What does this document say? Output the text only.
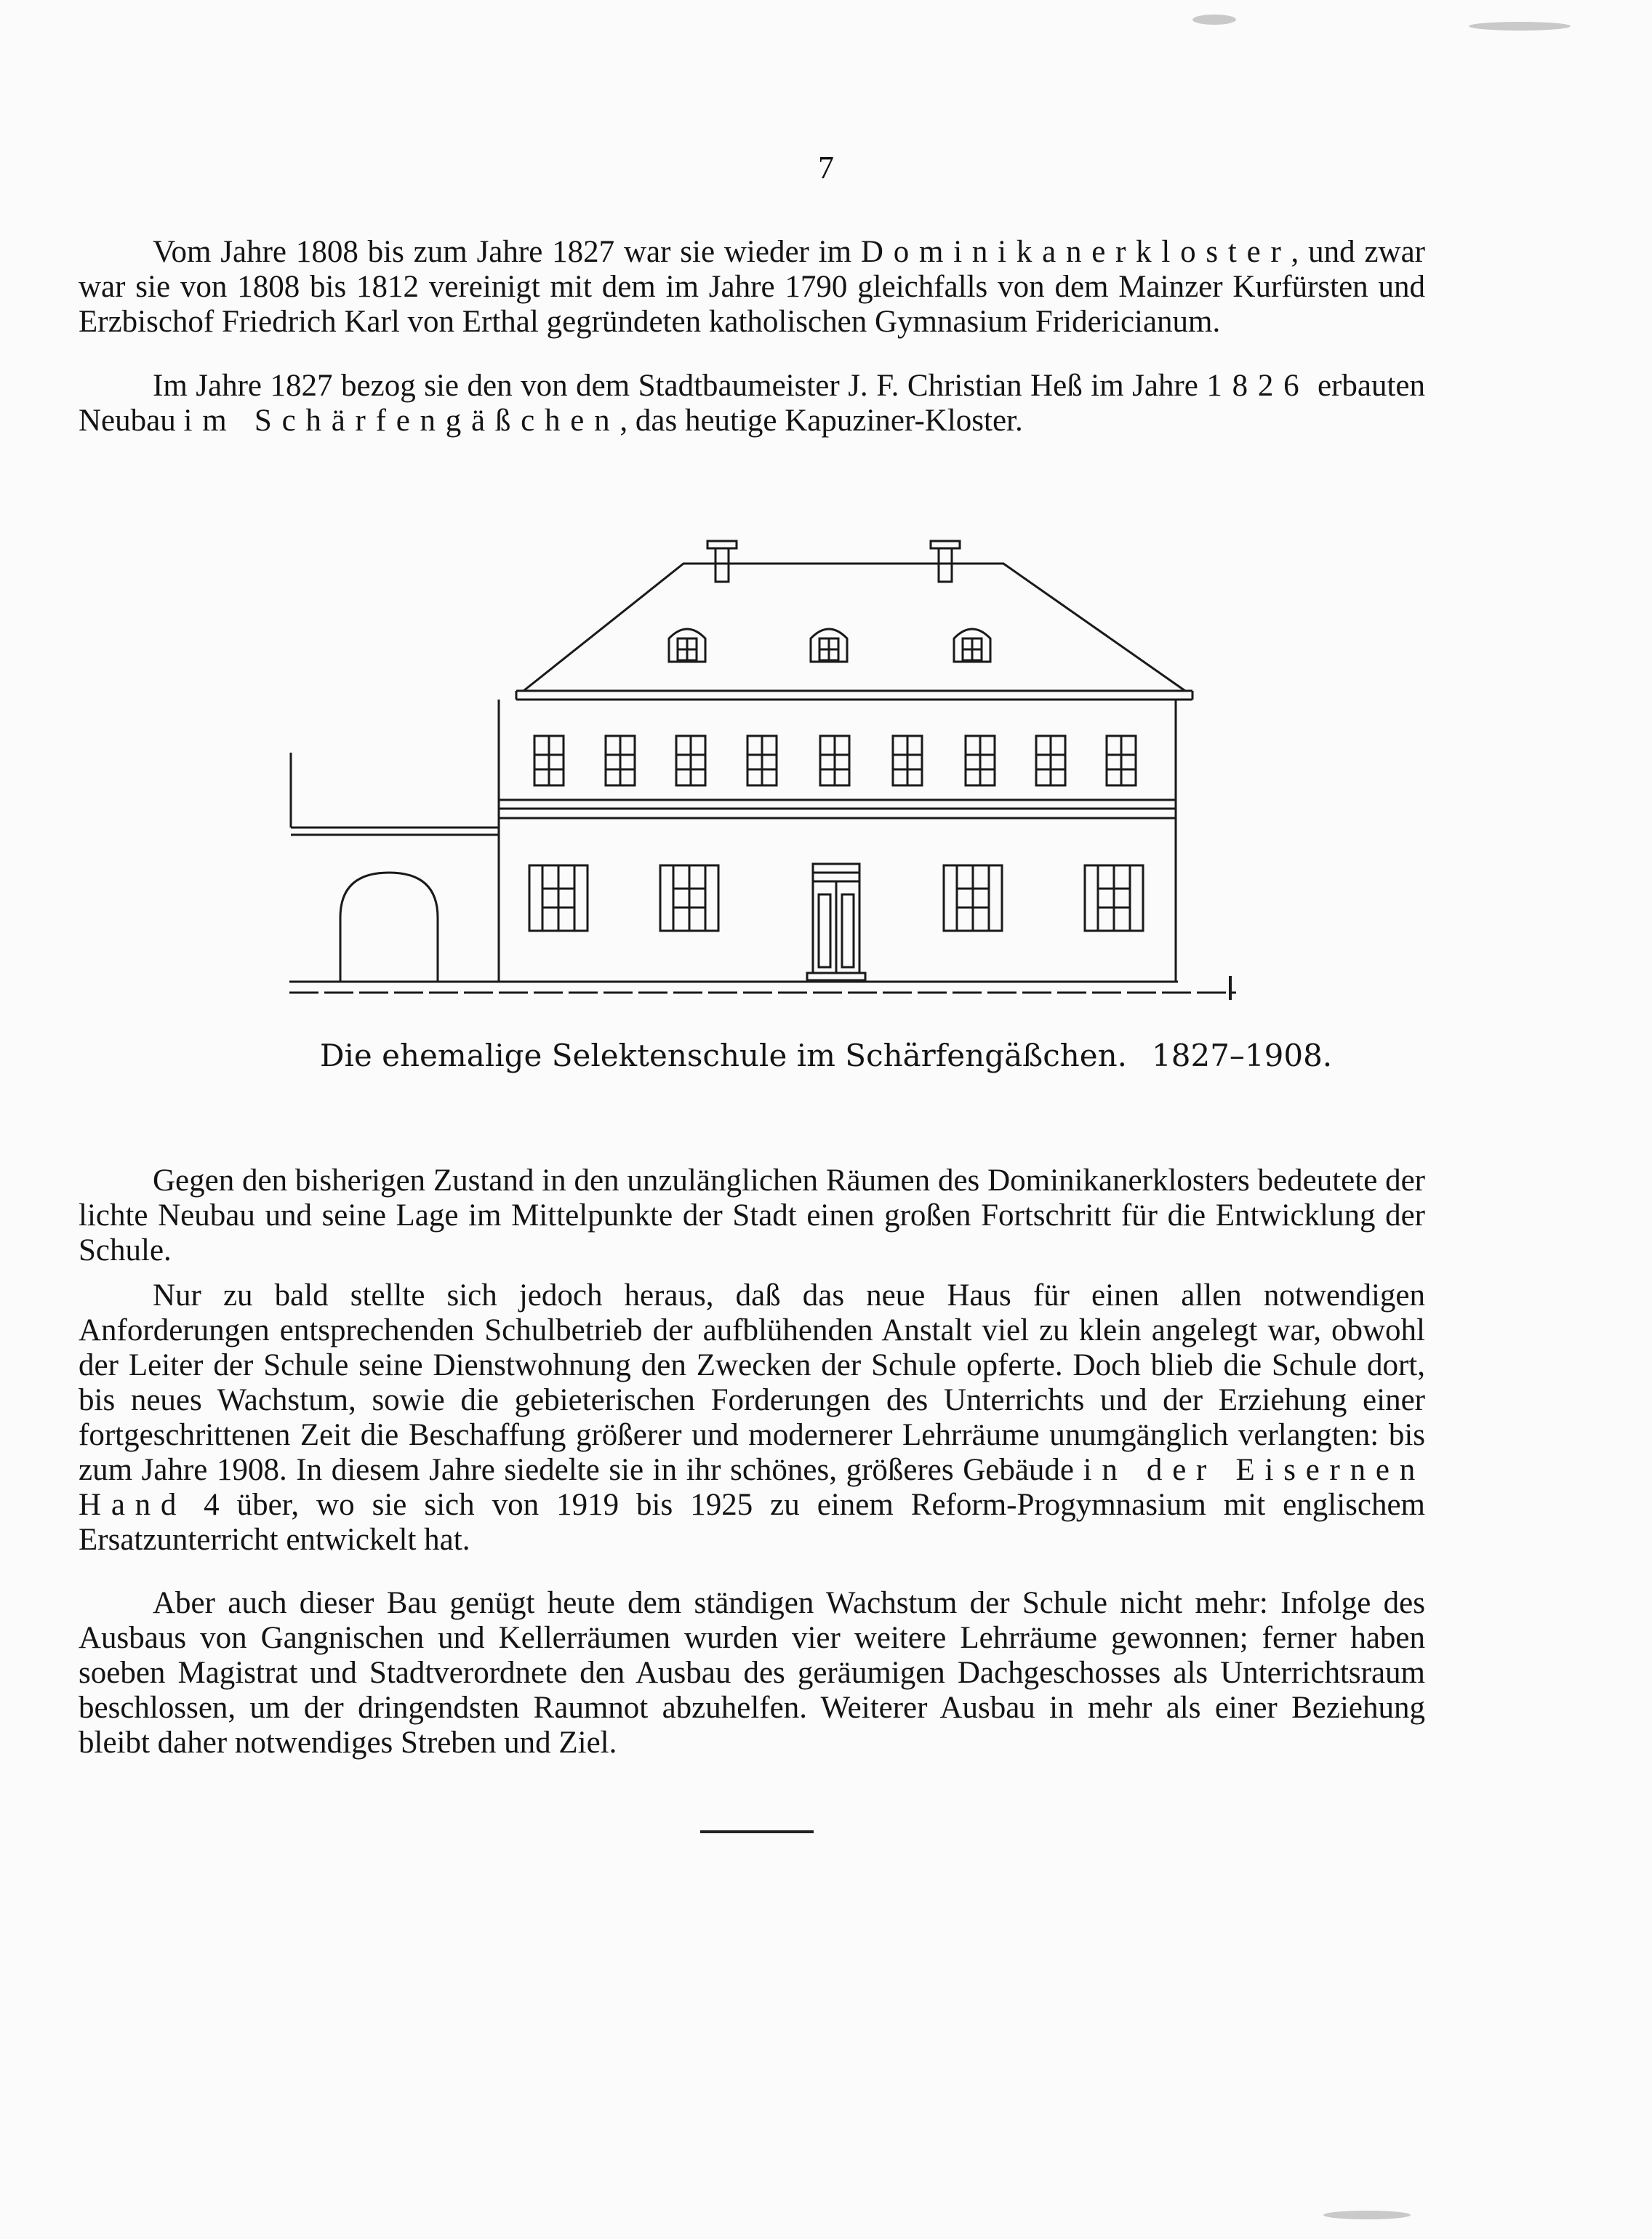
7

Vom Jahre 1808 bis zum Jahre 1827 war sie wieder im Dominikanerkloster, und zwar war sie von 1808 bis 1812 vereinigt mit dem im Jahre 1790 gleichfalls von dem Mainzer Kurfürsten und Erzbischof Friedrich Karl von Erthal gegründeten katholischen Gymnasium Fridericianum.

Im Jahre 1827 bezog sie den von dem Stadtbaumeister J. F. Christian Heß im Jahre 1826 erbauten Neubau im Schärfengäßchen, das heutige Kapuziner-Kloster.

Die ehemalige Selektenschule im Schärfengäßchen. 1827–1908.

Gegen den bisherigen Zustand in den unzulänglichen Räumen des Dominikanerklosters bedeutete der lichte Neubau und seine Lage im Mittelpunkte der Stadt einen großen Fortschritt für die Entwicklung der Schule.

Nur zu bald stellte sich jedoch heraus, daß das neue Haus für einen allen notwendigen Anforderungen entsprechenden Schulbetrieb der aufblühenden Anstalt viel zu klein angelegt war, obwohl der Leiter der Schule seine Dienstwohnung den Zwecken der Schule opferte. Doch blieb die Schule dort, bis neues Wachstum, sowie die gebieterischen Forderungen des Unterrichts und der Erziehung einer fortgeschrittenen Zeit die Beschaffung größerer und modernerer Lehrräume unumgänglich verlangten: bis zum Jahre 1908. In diesem Jahre siedelte sie in ihr schönes, größeres Gebäude in der Eisernen Hand 4 über, wo sie sich von 1919 bis 1925 zu einem Reform-Progymnasium mit englischem Ersatzunterricht entwickelt hat.

Aber auch dieser Bau genügt heute dem ständigen Wachstum der Schule nicht mehr: Infolge des Ausbaus von Gangnischen und Kellerräumen wurden vier weitere Lehrräume gewonnen; ferner haben soeben Magistrat und Stadtverordnete den Ausbau des geräumigen Dachgeschosses als Unterrichtsraum beschlossen, um der dringendsten Raumnot abzuhelfen. Weiterer Ausbau in mehr als einer Beziehung bleibt daher notwendiges Streben und Ziel.
